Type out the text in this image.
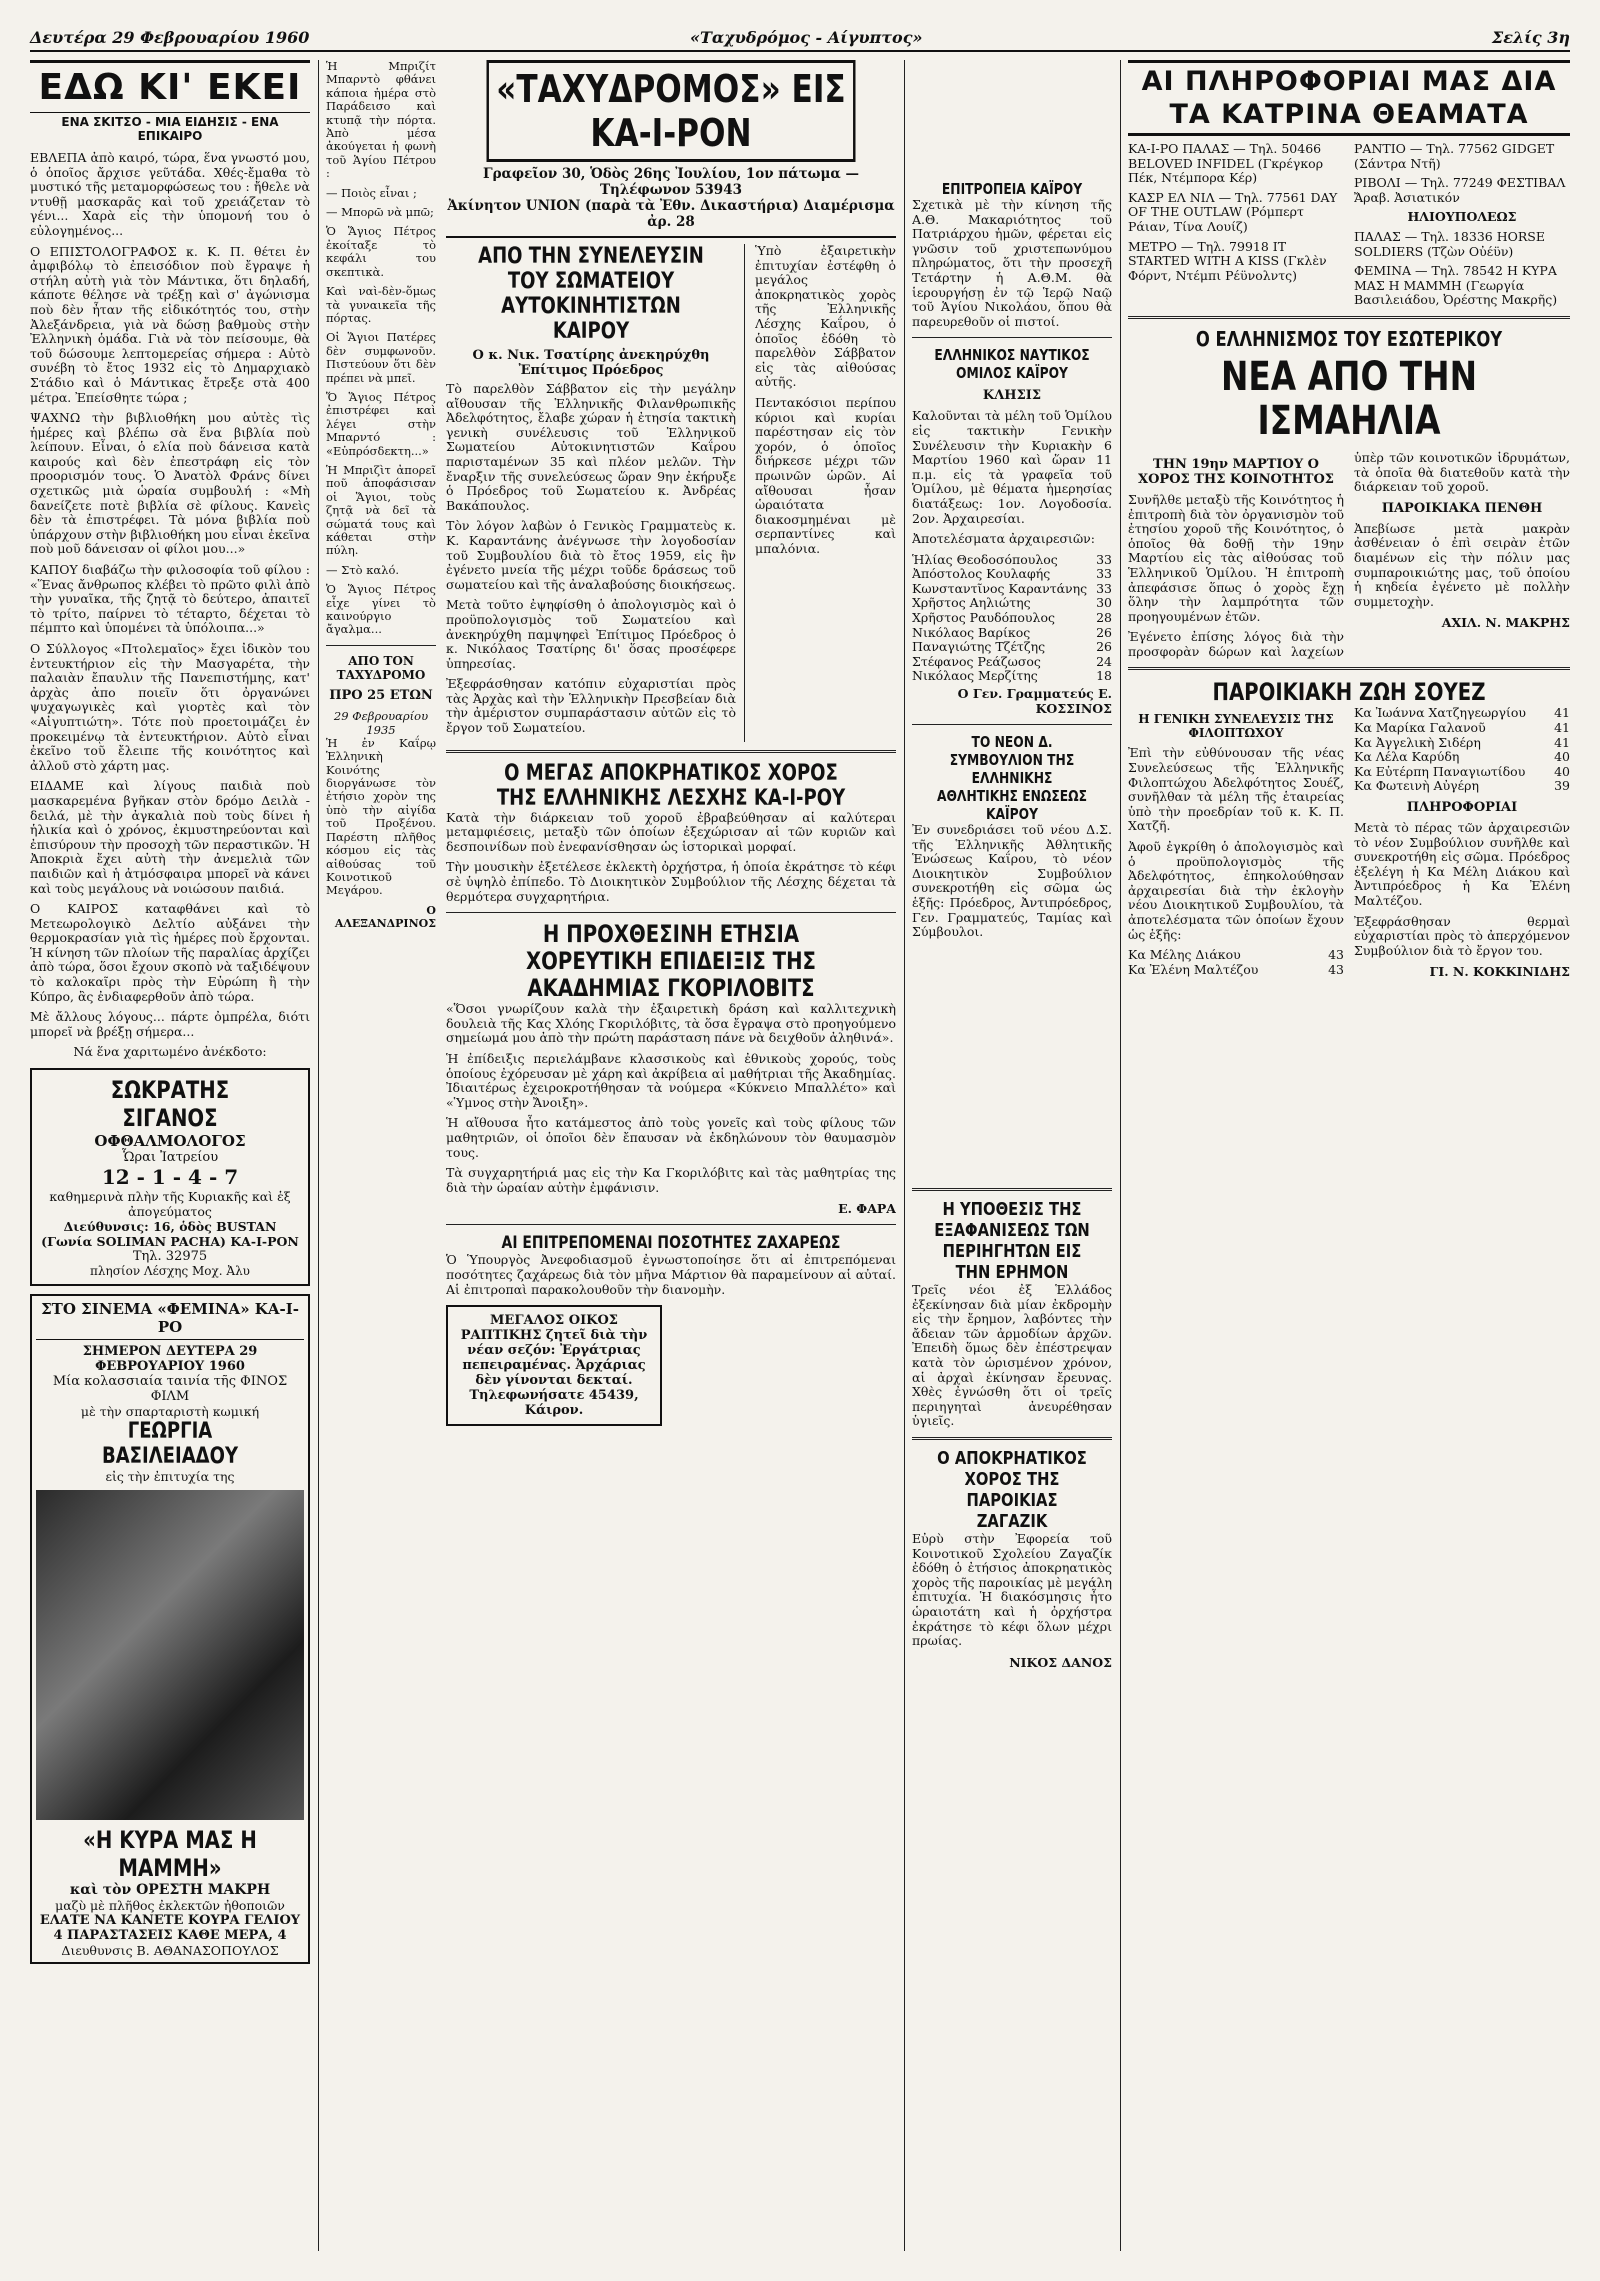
Δευτέρα 29 Φεβρουαρίου 1960	«Ταχυδρόμος - Αίγυπτος»	Σελίς 3η
ΕΔΩ ΚΙ' ΕΚΕΙ
ΕΝΑ ΣΚΙΤΣΟ - ΜΙΑ ΕΙΔΗΣΙΣ - ΕΝΑ ΕΠΙΚΑΙΡΟ

ΕΒΛΕΠΑ ἀπὸ καιρό, τώρα, ἕνα γνωστό μου, ὁ ὁποῖος ἄρχισε γεῦτάδα. Χθές-ἔμαθα τὸ μυστικό τῆς μεταμορφώσεως του : ἤθελε νὰ ντυθῇ μασκαρᾶς καὶ τοῦ χρειάζεταν τὸ γένι... Χαρὰ εἰς τὴν ὑπομονή του ὁ εὐλογημένος...

Ο ΕΠΙΣΤΟΛΟΓΡΑΦΟΣ κ. Κ. Π. θέτει ἐν ἀμφιβόλῳ τὸ ἐπεισόδιον ποὺ ἔγραψε ἡ στήλη αὐτὴ γιὰ τὸν Μάντικα, ὅτι δηλαδή, κάποτε θέλησε νὰ τρέξῃ καὶ σ' ἀγώνισμα ποὺ δὲν ἦταν τῆς εἰδικότητός του, στὴν Ἀλεξάνδρεια, γιὰ νὰ δώσῃ βαθμοὺς στὴν Ἐλληνικὴ ὁμάδα. Γιὰ νὰ τὸν πείσουμε, θὰ τοῦ δώσουμε λεπτομερείας σήμερα : Αὐτὸ συνέβη τὸ ἔτος 1932 εἰς τὸ Δημαρχιακὸ Στάδιο καὶ ὁ Μάντικας ἔτρεξε στὰ 400 μέτρα. Ἐπείσθητε τώρα ;

ΨΑΧΝΩ τὴν βιβλιοθήκη μου αὐτὲς τὶς ἡμέρες καὶ βλέπω σὰ ἕνα βιβλία ποὺ λείπουν. Εἶναι, ὁ ελία ποὺ δάνεισα κατὰ καιρούς καὶ δὲν ἐπεστράφη εἰς τὸν προορισμόν τους. Ὁ Ἀνατὸλ Φράνς δίνει σχετικῶς μιὰ ὡραία συμβουλή : «Μὴ δανείζετε ποτὲ βιβλία σὲ φίλους. Κανεὶς δὲν τὰ ἐπιστρέφει. Τὰ μόνα βιβλία ποὺ ὑπάρχουν στὴν βιβλιοθήκη μου εἶναι ἐκεῖνα ποὺ μοῦ δάνεισαν οἱ φίλοι μου...»

ΚΑΠΟΥ διαβάζω τὴν φιλοσοφία τοῦ φίλου : «Ἕνας ἄνθρωπος κλέβει τὸ πρῶτο φιλὶ ἀπὸ τὴν γυναῖκα, τῆς ζητᾷ τὸ δεύτερο, ἀπαιτεῖ τὸ τρίτο, παίρνει τὸ τέταρτο, δέχεται τὸ πέμπτο καὶ ὑπομένει τὰ ὑπόλοιπα...»

Ο Σύλλογος «Πτολεμαῖος» ἔχει ἰδικὸν του ἐντευκτήριον εἰς τὴν Μασγαρέτα, τὴν παλαιὰν ἔπαυλιν τῆς Πανεπιστήμης, κατ' ἀρχὰς ἀπο ποιεῖν ὅτι ὀργανώνει ψυχαγωγικὲς καὶ γιορτὲς καὶ τὸν «Αἰγυπτιώτη». Τότε ποὺ προετοιμάζει ἐν προκειμένῳ τὰ ἐντευκτήριον. Αὐτὸ εἶναι ἐκεῖνο τοῦ ἔλειπε τῆς κοινότητος καὶ ἀλλοῦ στὸ χάρτη μας.

ΕΙΔΑΜΕ καὶ λίγους παιδιὰ ποὺ μασκαρεμένα βγῆκαν στὸν δρόμο Δειλὰ - δειλά, μὲ τὴν ἀγκαλιὰ ποὺ τοὺς δίνει ἡ ἡλικία καὶ ὁ χρόνος, ἐκμυστηρεύονται καὶ ἐπισύρουν τὴν προσοχὴ τῶν περαστικῶν. Ἡ Ἀποκριὰ ἔχει αὐτὴ τὴν ἀνεμελιὰ τῶν παιδιῶν καὶ ἡ ἀτμόσφαιρα μπορεῖ νὰ κάνει καὶ τοὺς μεγάλους νὰ νοιώσουν παιδιά.

Ο ΚΑΙΡΟΣ καταφθάνει καὶ τὸ Μετεωρολογικὸ Δελτίο αὐξάνει τὴν θερμοκρασίαν γιὰ τὶς ἡμέρες ποὺ ἔρχονται. Ἡ κίνηση τῶν πλοίων τῆς παραλίας ἀρχίζει ἀπὸ τώρα, ὅσοι ἔχουν σκοπὸ νὰ ταξιδέψουν τὸ καλοκαῖρι πρὸς τὴν Εὐρώπη ἢ τὴν Κύπρο, ἂς ἐνδιαφερθοῦν ἀπὸ τώρα.

Μὲ ἄλλους λόγους... πάρτε ὀμπρέλα, διότι μπορεῖ νὰ βρέξῃ σήμερα...

Νά ἕνα χαριτωμένο ἀνέκδοτο:

ΣΩΚΡΑΤΗΣ ΣΙΓΑΝΟΣ
ΟΦΘΑΛΜΟΛΟΓΟΣ
Ὧραι Ἰατρείου
12 - 1 - 4 - 7
καθημερινὰ πλὴν τῆς Κυριακῆς καὶ ἑξ ἀπογεύματος
Διεύθυνσις: 16, ὁδὸς BUSTAN (Γωνία SOLIMAN PACHA) ΚΑ-Ι-ΡΟΝ
Τηλ. 32975
πλησίον Λέσχης Μοχ. Ἀλυ
ΣΤΟ ΣΙΝΕΜΑ «ΦΕΜΙΝΑ» ΚΑ-Ι-ΡΟ
ΣΗΜΕΡΟΝ ΔΕΥΤΕΡΑ 29 ΦΕΒΡΟΥΑΡΙΟΥ 1960
Μία κολασσιαία ταινία τῆς ΦΙΝΟΣ ΦΙΛΜ
μὲ τὴν σπαρταριστὴ κωμική
ΓΕΩΡΓΙΑ ΒΑΣΙΛΕΙΑΔΟΥ
εἰς τὴν ἐπιτυχία της
«Η ΚΥΡΑ ΜΑΣ Η ΜΑΜΜΗ»
καὶ τὸν ΟΡΕΣΤΗ ΜΑΚΡΗ
μαζὺ μὲ πλῆθος ἐκλεκτῶν ἠθοποιῶν
ΕΛΑΤΕ ΝΑ ΚΑΝΕΤΕ ΚΟΥΡΑ ΓΕΛΙΟΥ
4 ΠΑΡΑΣΤΑΣΕΙΣ ΚΑΘΕ ΜΕΡΑ, 4
Διευθυνσις Β. ΑΘΑΝΑΣΟΠΟΥΛΟΣ

Ἡ Μπριζίτ Μπαρντὸ φθάνει κάποια ἡμέρα στὸ Παράδεισο καὶ κτυπᾷ τὴν πόρτα. Ἀπὸ μέσα ἀκούγεται ἡ φωνὴ τοῦ Ἁγίου Πέτρου :

— Ποιὸς εἶναι ;

— Μπορῶ νὰ μπῶ;

Ὁ Ἅγιος Πέτρος ἐκοίταξε τὸ κεφάλι του σκεπτικὰ.

Καὶ ναὶ-δὲν-ὅμως τὰ γυναικεῖα τῆς πόρτας.

Οἱ Ἅγιοι Πατέρες δὲν συμφωνοῦν. Πιστεύουν ὅτι δὲν πρέπει νὰ μπεῖ.

Ὅ Ἅγιος Πέτρος ἐπιστρέφει καὶ λέγει στὴν Μπαρντό : «Εὐπρόσδεκτη...»

Ἡ Μπριζὶτ ἀπορεῖ ποῦ ἀποφάσισαν οἱ Ἅγιοι, τοὺς ζητᾷ νὰ δεῖ τὰ σώματά τους καὶ κάθεται στὴν πύλη.

— Στὸ καλό.

Ὁ Ἅγιος Πέτρος εἶχε γίνει τὸ καινούργιο ἄγαλμα...

ΑΠΟ ΤΟΝ ΤΑΧΥΔΡΟΜΟ
ΠΡΟ 25 ΕΤΩΝ
29 Φεβρουαρίου 1935

Ἡ ἐν Καΐρῳ Ἑλληνικὴ Κοινότης διοργάνωσε τὸν ἐτήσιο χορὸν της ὑπὸ τὴν αἰγίδα τοῦ Προξένου. Παρέστη πλῆθος κόσμου εἰς τὰς αἰθούσας τοῦ Κοινοτικοῦ Μεγάρου.

Ο ΑΛΕΞΑΝΔΡΙΝΟΣ
«ΤΑΧΥΔΡΟΜΟΣ» ΕΙΣ ΚΑ-Ι-ΡΟΝ
Γραφεῖον 30, Ὁδὸς 26ης Ἰουλίου, 1ον πάτωμα — Τηλέφωνον 53943
Ἀκίνητον UNION (παρὰ τὰ Ἐθν. Δικαστήρια) Διαμέρισμα ἀρ. 28
ΑΠΟ ΤΗΝ ΣΥΝΕΛΕΥΣΙΝ ΤΟΥ ΣΩΜΑΤΕΙΟΥ ΑΥΤΟΚΙΝΗΤΙΣΤΩΝ ΚΑΙΡΟΥ
Ο κ. Νικ. Τσατίρης ἀνεκηρύχθη Ἐπίτιμος Πρόεδρος

Τὸ παρελθὸν Σάββατον εἰς τὴν μεγάλην αἴθουσαν τῆς Ἑλληνικῆς Φιλανθρωπικῆς Ἀδελφότητος, ἔλαβε χώραν ἡ ἐτησία τακτικὴ γενικὴ συνέλευσις τοῦ Ἑλληνικοῦ Σωματείου Αὐτοκινητιστῶν Καΐρου παρισταμένων 35 καὶ πλέον μελῶν. Τὴν ἔναρξιν τῆς συνελεύσεως ὥραν 9ην ἐκήρυξε ὁ Πρόεδρος τοῦ Σωματείου κ. Ἀνδρέας Βακάπουλος.

Τὸν λόγον λαβὼν ὁ Γενικὸς Γραμματεὺς κ. Κ. Καραντάνης ἀνέγνωσε τὴν λογοδοσίαν τοῦ Συμβουλίου διὰ τὸ ἔτος 1959, εἰς ἣν ἐγένετο μνεία τῆς μέχρι τοῦδε δράσεως τοῦ σωματείου καὶ τῆς ἀναλαβούσης διοικήσεως.

Μετὰ τοῦτο ἐψηφίσθη ὁ ἀπολογισμὸς καὶ ὁ προϋπολογισμὸς τοῦ Σωματείου καὶ ἀνεκηρύχθη παμψηφεὶ Ἐπίτιμος Πρόεδρος ὁ κ. Νικόλαος Τσατίρης δι' ὅσας προσέφερε ὑπηρεσίας.

Ἐξεφράσθησαν κατόπιν εὐχαριστίαι πρὸς τὰς Ἀρχὰς καὶ τὴν Ἑλληνικὴν Πρεσβείαν διὰ τὴν ἀμέριστον συμπαράστασιν αὐτῶν εἰς τὸ ἔργον τοῦ Σωματείου.

Ὑπὸ ἐξαιρετικὴν ἐπιτυχίαν ἐστέφθη ὁ μεγάλος ἀποκρηατικὸς χορὸς τῆς Ἑλληνικῆς Λέσχης Καΐρου, ὁ ὁποῖος ἐδόθη τὸ παρελθὸν Σάββατον εἰς τὰς αἰθούσας αὐτῆς.

Πεντακόσιοι περίπου κύριοι καὶ κυρίαι παρέστησαν εἰς τὸν χορόν, ὁ ὁποῖος διήρκεσε μέχρι τῶν πρωινῶν ὡρῶν. Αἱ αἴθουσαι ἦσαν ὡραιότατα διακοσμημέναι μὲ σερπαντίνες καὶ μπαλόνια.

Ο ΜΕΓΑΣ ΑΠΟΚΡΗΑΤΙΚΟΣ ΧΟΡΟΣ ΤΗΣ ΕΛΛΗΝΙΚΗΣ ΛΕΣΧΗΣ ΚΑ-Ι-ΡΟΥ

Κατὰ τὴν διάρκειαν τοῦ χοροῦ ἐβραβεύθησαν αἱ καλύτεραι μεταμφιέσεις, μεταξὺ τῶν ὁποίων ἐξεχώρισαν αἱ τῶν κυριῶν καὶ δεσποινίδων ποὺ ἐνεφανίσθησαν ὡς ἱστορικαὶ μορφαί.

Τὴν μουσικὴν ἐξετέλεσε ἐκλεκτὴ ὀρχήστρα, ἡ ὁποία ἐκράτησε τὸ κέφι σὲ ὑψηλὸ ἐπίπεδο. Τὸ Διοικητικὸν Συμβούλιον τῆς Λέσχης δέχεται τὰ θερμότερα συγχαρητήρια.

Η ΠΡΟΧΘΕΣΙΝΗ ΕΤΗΣΙΑ ΧΟΡΕΥΤΙΚΗ ΕΠΙΔΕΙΞΙΣ ΤΗΣ ΑΚΑΔΗΜΙΑΣ ΓΚΟΡΙΛΟΒΙΤΣ

«Ὅσοι γνωρίζουν καλὰ τὴν ἐξαιρετικὴ δράση καὶ καλλιτεχνικὴ δουλειὰ τῆς Κας Χλόης Γκοριλόβιτς, τὰ ὅσα ἔγραψα στὸ προηγούμενο σημείωμά μου ἀπὸ τὴν πρώτη παράσταση πάνε νὰ δειχθοῦν ἀληθινά».

Ἡ ἐπίδειξις περιελάμβανε κλασσικοὺς καὶ ἐθνικοὺς χορούς, τοὺς ὁποίους ἐχόρευσαν μὲ χάρη καὶ ἀκρίβεια αἱ μαθήτριαι τῆς Ἀκαδημίας. Ἰδιαιτέρως ἐχειροκροτήθησαν τὰ νούμερα «Κύκνειο Μπαλλέτο» καὶ «Ὑμνος στὴν Ἄνοιξη».

Ἡ αἴθουσα ἦτο κατάμεστος ἀπὸ τοὺς γονεῖς καὶ τοὺς φίλους τῶν μαθητριῶν, οἱ ὁποῖοι δὲν ἔπαυσαν νὰ ἐκδηλώνουν τὸν θαυμασμὸν τους.

Τὰ συγχαρητήριά μας εἰς τὴν Κα Γκοριλόβιτς καὶ τὰς μαθητρίας της διὰ τὴν ὡραίαν αὐτὴν ἐμφάνισιν.

Ε. ΦΑΡΑ
ΑΙ ΕΠΙΤΡΕΠΟΜΕΝΑΙ ΠΟΣΟΤΗΤΕΣ ΖΑΧΑΡΕΩΣ

Ὁ Ὑπουργὸς Ἀνεφοδιασμοῦ ἐγνωστοποίησε ὅτι αἱ ἐπιτρεπόμεναι ποσότητες ζαχάρεως διὰ τὸν μῆνα Μάρτιον θὰ παραμείνουν αἱ αὐταί. Αἱ ἐπιτροπαὶ παρακολουθοῦν τὴν διανομὴν.

ΜΕΓΑΛΟΣ ΟΙΚΟΣ ΡΑΠΤΙΚΗΣ ζητεῖ διὰ τὴν νέαν σεζόν: Ἐργάτριας πεπειραμένας. Ἀρχάριας δὲν γίνονται δεκταί. Τηλεφωνήσατε 45439, Κάιρον.
ΕΠΙΤΡΟΠΕΙΑ ΚΑΪΡΟΥ

Σχετικὰ μὲ τὴν κίνηση τῆς Α.Θ. Μακαριότητος τοῦ Πατριάρχου ἡμῶν, φέρεται εἰς γνῶσιν τοῦ χριστεπωνύμου πληρώματος, ὅτι τὴν προσεχῆ Τετάρτην ἡ Α.Θ.Μ. θὰ ἱερουργήσῃ ἐν τῷ Ἱερῷ Ναῷ τοῦ Ἁγίου Νικολάου, ὅπου θὰ παρευρεθοῦν οἱ πιστοί.

ΕΛΛΗΝΙΚΟΣ ΝΑΥΤΙΚΟΣ ΟΜΙΛΟΣ ΚΑΪΡΟΥ
ΚΛΗΣΙΣ

Καλοῦνται τὰ μέλη τοῦ Ὁμίλου εἰς τακτικὴν Γενικὴν Συνέλευσιν τὴν Κυριακὴν 6 Μαρτίου 1960 καὶ ὥραν 11 π.μ. εἰς τὰ γραφεῖα τοῦ Ὁμίλου, μὲ θέματα ἡμερησίας διατάξεως: 1ον. Λογοδοσία. 2ον. Ἀρχαιρεσίαι.

Ἀποτελέσματα ἀρχαιρεσιῶν:

Ἡλίας Θεοδοσόπουλος	33
Ἀπόστολος Κουλαφής	33
Κωνσταντῖνος Καραντάνης 33
Χρῆστος Αηλιώτης	30
Χρῆστος Ραυδόπουλος	28
Νικόλαος Βαρίκος	26
Παναγιώτης Τζέτζης	26
Στέφανος Ρεάζωσος	24
Νικόλαος Μερζίτης	18
Ο Γεν. Γραμματεύς Ε. ΚΟΣΣΙΝΟΣ
ΤΟ ΝΕΟΝ Δ. ΣΥΜΒΟΥΛΙΟΝ ΤΗΣ ΕΛΛΗΝΙΚΗΣ ΑΘΛΗΤΙΚΗΣ ΕΝΩΣΕΩΣ ΚΑΪΡΟΥ

Ἐν συνεδριάσει τοῦ νέου Δ.Σ. τῆς Ἑλληνικῆς Ἀθλητικῆς Ἑνώσεως Καΐρου, τὸ νέον Διοικητικὸν Συμβούλιον συνεκροτήθη εἰς σῶμα ὡς ἑξῆς: Πρόεδρος, Ἀντιπρόεδρος, Γεν. Γραμματεύς, Ταμίας καὶ Σύμβουλοι.

Η ΥΠΟΘΕΣΙΣ ΤΗΣ ΕΞΑΦΑΝΙΣΕΩΣ ΤΩΝ ΠΕΡΙΗΓΗΤΩΝ ΕΙΣ ΤΗΝ ΕΡΗΜΟΝ

Τρεῖς νέοι ἐξ Ἑλλάδος ἐξεκίνησαν διὰ μίαν ἐκδρομὴν εἰς τὴν ἔρημον, λαβόντες τὴν ἄδειαν τῶν ἀρμοδίων ἀρχῶν. Ἐπειδὴ ὅμως δὲν ἐπέστρεψαν κατὰ τὸν ὡρισμένον χρόνον, αἱ ἀρχαὶ ἐκίνησαν ἔρευνας. Χθὲς ἐγνώσθη ὅτι οἱ τρεῖς περιηγηταὶ ἀνευρέθησαν ὑγιεῖς.

Ο ΑΠΟΚΡΗΑΤΙΚΟΣ ΧΟΡΟΣ ΤΗΣ ΠΑΡΟΙΚΙΑΣ ΖΑΓΑΖΙΚ

Εὐρὺ στὴν Ἐφορεία τοῦ Κοινοτικοῦ Σχολείου Ζαγαζίκ ἐδόθη ὁ ἐτήσιος ἀποκρηατικὸς χορὸς τῆς παροικίας μὲ μεγάλη ἐπιτυχία. Ἡ διακόσμησις ἦτο ὡραιοτάτη καὶ ἡ ὀρχήστρα ἐκράτησε τὸ κέφι ὅλων μέχρι πρωίας.

ΝΙΚΟΣ ΔΑΝΟΣ
ΑΙ ΠΛΗΡΟΦΟΡΙΑΙ ΜΑΣ ΔΙΑ ΤΑ ΚΑΤΡΙΝΑ ΘΕΑΜΑΤΑ
ΚΑ-Ι-ΡΟ ΠΑΛΑΣ — Τηλ. 50466 BELOVED INFIDEL (Γκρέγκορ Πέκ, Ντέμπορα Κέρ)
ΚΑΣΡ ΕΛ ΝΙΛ — Τηλ. 77561 DAY OF THE OUTLAW (Ρόμπερτ Ράιαν, Τίνα Λουίζ)
ΜΕΤΡΟ — Τηλ. 79918 IT STARTED WITH A KISS (Γκλὲν Φόρντ, Ντέμπι Ρέϋνολντς)
ΡΑΝΤΙΟ — Τηλ. 77562 GIDGET (Σάντρα Ντῆ)
ΡΙΒΟΛΙ — Τηλ. 77249 ΦΕΣΤΙΒΑΛ Ἄραβ. Ἀσιατικόν
ΗΛΙΟΥΠΟΛΕΩΣ
ΠΑΛΑΣ — Τηλ. 18336 HORSE SOLDIERS (Τζὼν Οὐέϋν)
ΦΕΜΙΝΑ — Τηλ. 78542 Η ΚΥΡΑ ΜΑΣ Η ΜΑΜΜΗ (Γεωργία Βασιλειάδου, Ὀρέστης Μακρῆς)
Ο ΕΛΛΗΝΙΣΜΟΣ ΤΟΥ ΕΣΩΤΕΡΙΚΟΥ
ΝΕΑ ΑΠΟ ΤΗΝ ΙΣΜΑΗΛΙΑ
ΤΗΝ 19ην ΜΑΡΤΙΟΥ Ο ΧΟΡΟΣ ΤΗΣ ΚΟΙΝΟΤΗΤΟΣ

Συνῆλθε μεταξὺ τῆς Κοινότητος ἡ ἐπιτροπὴ διὰ τὸν ὀργανισμὸν τοῦ ἐτησίου χοροῦ τῆς Κοινότητος, ὁ ὁποῖος θὰ δοθῇ τὴν 19ην Μαρτίου εἰς τὰς αἰθούσας τοῦ Ἑλληνικοῦ Ὁμίλου. Ἡ ἐπιτροπὴ ἀπεφάσισε ὅπως ὁ χορὸς ἔχῃ ὅλην τὴν λαμπρότητα τῶν προηγουμένων ἐτῶν.

Ἐγένετο ἐπίσης λόγος διὰ τὴν προσφορὰν δώρων καὶ λαχείων ὑπὲρ τῶν κοινοτικῶν ἱδρυμάτων, τὰ ὁποῖα θὰ διατεθοῦν κατὰ τὴν διάρκειαν τοῦ χοροῦ.

ΠΑΡΟΙΚΙΑΚΑ ΠΕΝΘΗ

Ἀπεβίωσε μετὰ μακρὰν ἀσθένειαν ὁ ἐπὶ σειρὰν ἐτῶν διαμένων εἰς τὴν πόλιν μας συμπαροικιώτης μας, τοῦ ὁποίου ἡ κηδεία ἐγένετο μὲ πολλὴν συμμετοχὴν.

ΑΧΙΛ. Ν. ΜΑΚΡΗΣ
ΠΑΡΟΙΚΙΑΚΗ ΖΩΗ ΣΟΥΕΖ
Η ΓΕΝΙΚΗ ΣΥΝΕΛΕΥΣΙΣ ΤΗΣ ΦΙΛΟΠΤΩΧΟΥ

Ἐπὶ τὴν εὐθύνουσαν τῆς νέας Συνελεύσεως τῆς Ἑλληνικῆς Φιλοπτώχου Ἀδελφότητος Σουέζ, συνῆλθαν τὰ μέλη τῆς ἑταιρείας ὑπὸ τὴν προεδρίαν τοῦ κ. Κ. Π. Χατζῆ.

Ἀφοῦ ἐγκρίθη ὁ ἀπολογισμὸς καὶ ὁ προϋπολογισμὸς τῆς Ἀδελφότητος, ἐπηκολούθησαν ἀρχαιρεσίαι διὰ τὴν ἐκλογὴν νέου Διοικητικοῦ Συμβουλίου, τὰ ἀποτελέσματα τῶν ὁποίων ἔχουν ὡς ἑξῆς:

Κα Μέλης Διάκου	43
Κα Ἐλένη Μαλτέζου	43
Κα Ἰωάννα Χατζηγεωργίου 41
Κα Μαρίκα Γαλανοῦ	41
Κα Ἀγγελικὴ Σιδέρη	41
Κα Λέλα Καρύδη	40
Κα Εὐτέρπη Παναγιωτίδου 40
Κα Φωτεινὴ Αὐγέρη	39
ΠΛΗΡΟΦΟΡΙΑΙ

Μετὰ τὸ πέρας τῶν ἀρχαιρεσιῶν τὸ νέον Συμβούλιον συνῆλθε καὶ συνεκροτήθη εἰς σῶμα. Πρόεδρος ἐξελέγη ἡ Κα Μέλη Διάκου καὶ Ἀντιπρόεδρος ἡ Κα Ἐλένη Μαλτέζου.

Ἐξεφράσθησαν θερμαὶ εὐχαριστίαι πρὸς τὸ ἀπερχόμενον Συμβούλιον διὰ τὸ ἔργον του.

ΓΙ. Ν. ΚΟΚΚΙΝΙΔΗΣ
